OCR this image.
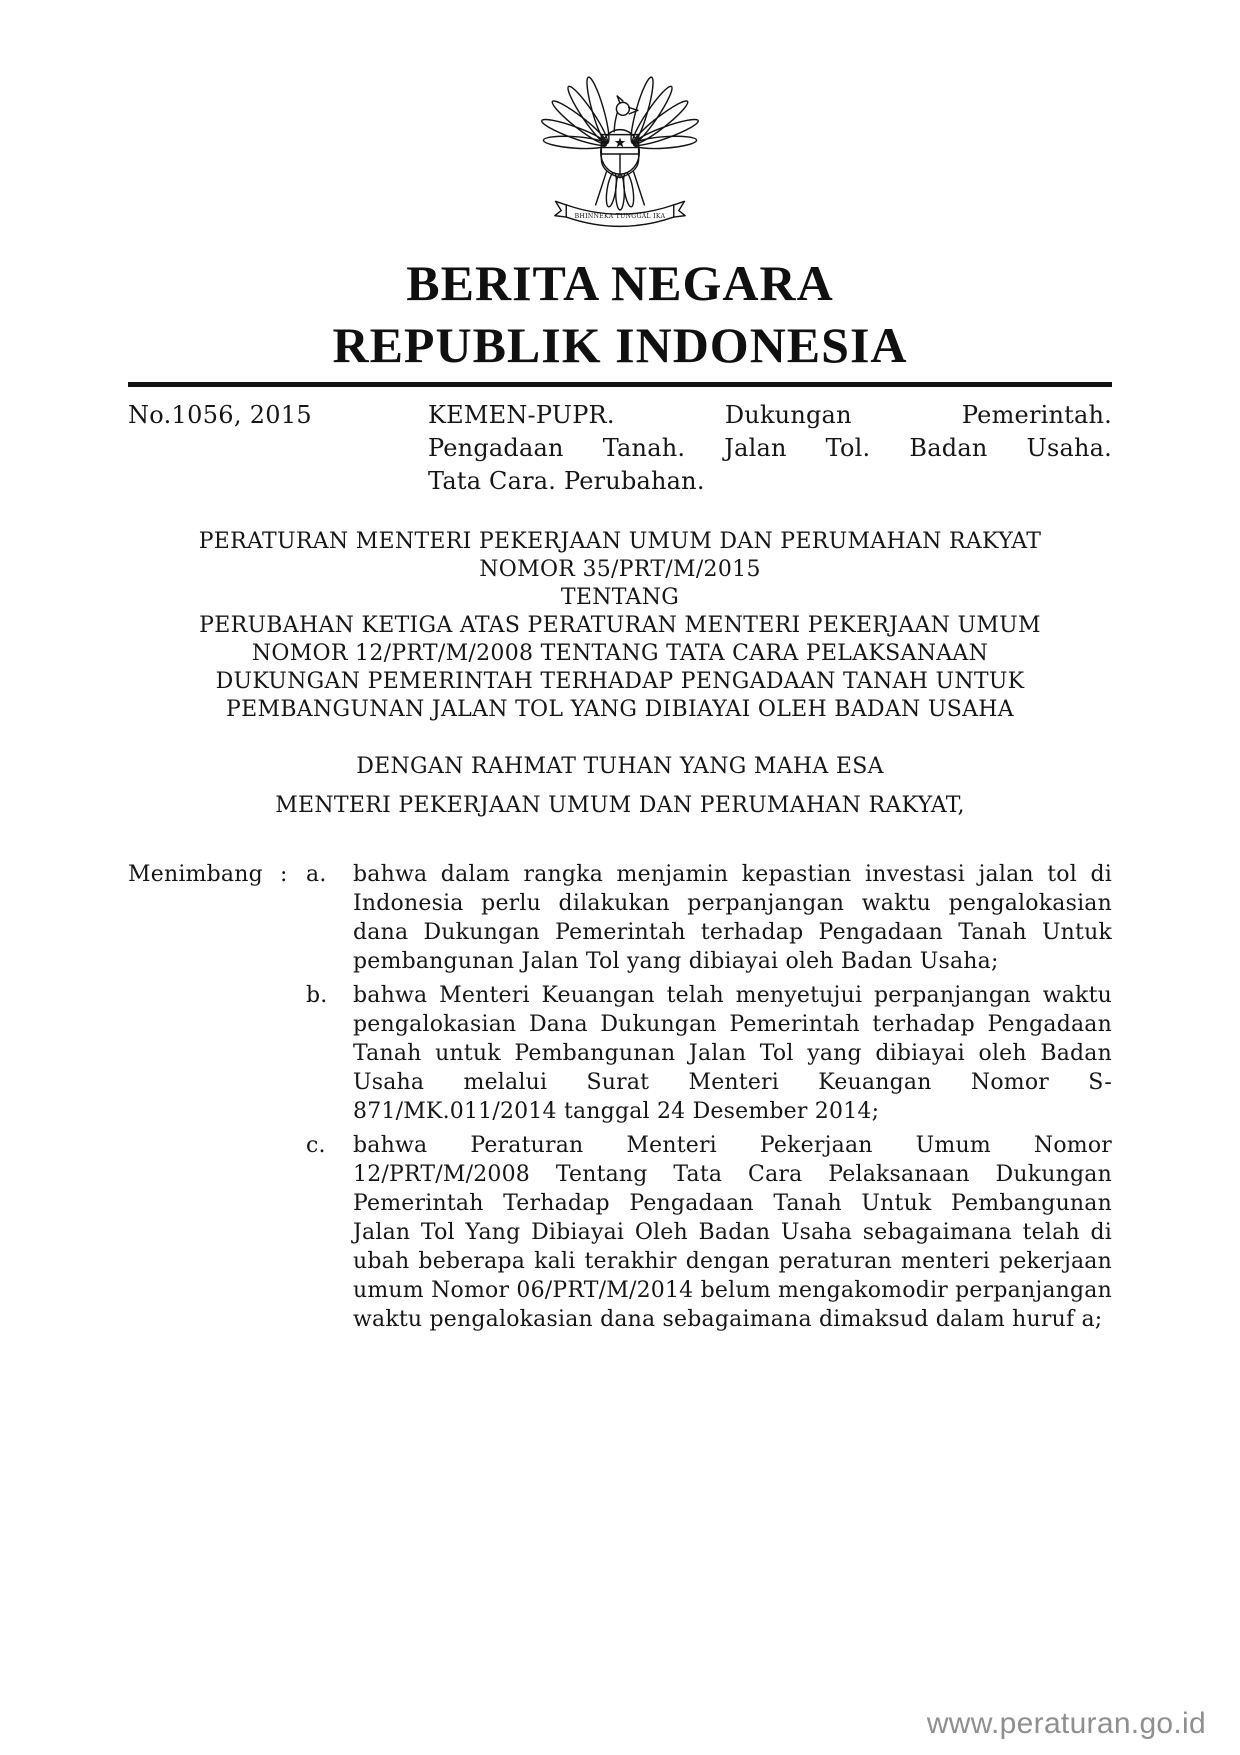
BHINNEKA TUNGGAL IKA
BERITA NEGARA
REPUBLIK INDONESIA
No.1056, 2015	KEMEN-PUPR. Dukungan Pemerintah.
Pengadaan Tanah. Jalan Tol. Badan Usaha.
Tata Cara. Perubahan.
PERATURAN MENTERI PEKERJAAN UMUM DAN PERUMAHAN RAKYAT
NOMOR 35/PRT/M/2015
TENTANG
PERUBAHAN KETIGA ATAS PERATURAN MENTERI PEKERJAAN UMUM
NOMOR 12/PRT/M/2008 TENTANG TATA CARA PELAKSANAAN
DUKUNGAN PEMERINTAH TERHADAP PENGADAAN TANAH UNTUK
PEMBANGUNAN JALAN TOL YANG DIBIAYAI OLEH BADAN USAHA
DENGAN RAHMAT TUHAN YANG MAHA ESA
MENTERI PEKERJAAN UMUM DAN PERUMAHAN RAKYAT,
Menimbang : a.	bahwa dalam rangka menjamin kepastian investasi jalan tol di Indonesia perlu dilakukan perpanjangan waktu pengalokasian dana Dukungan Pemerintah terhadap Pengadaan Tanah Untuk pembangunan Jalan Tol yang dibiayai oleh Badan Usaha;
b.	bahwa Menteri Keuangan telah menyetujui perpanjangan waktu pengalokasian Dana Dukungan Pemerintah terhadap Pengadaan Tanah untuk Pembangunan Jalan Tol yang dibiayai oleh Badan Usaha melalui Surat Menteri Keuangan Nomor S-871/MK.011/2014 tanggal 24 Desember 2014;
c.	bahwa Peraturan Menteri Pekerjaan Umum Nomor 12/PRT/M/2008 Tentang Tata Cara Pelaksanaan Dukungan Pemerintah Terhadap Pengadaan Tanah Untuk Pembangunan Jalan Tol Yang Dibiayai Oleh Badan Usaha sebagaimana telah di ubah beberapa kali terakhir dengan peraturan menteri pekerjaan umum Nomor 06/PRT/M/2014 belum mengakomodir perpanjangan waktu pengalokasian dana sebagaimana dimaksud dalam huruf a;
www.peraturan.go.id
